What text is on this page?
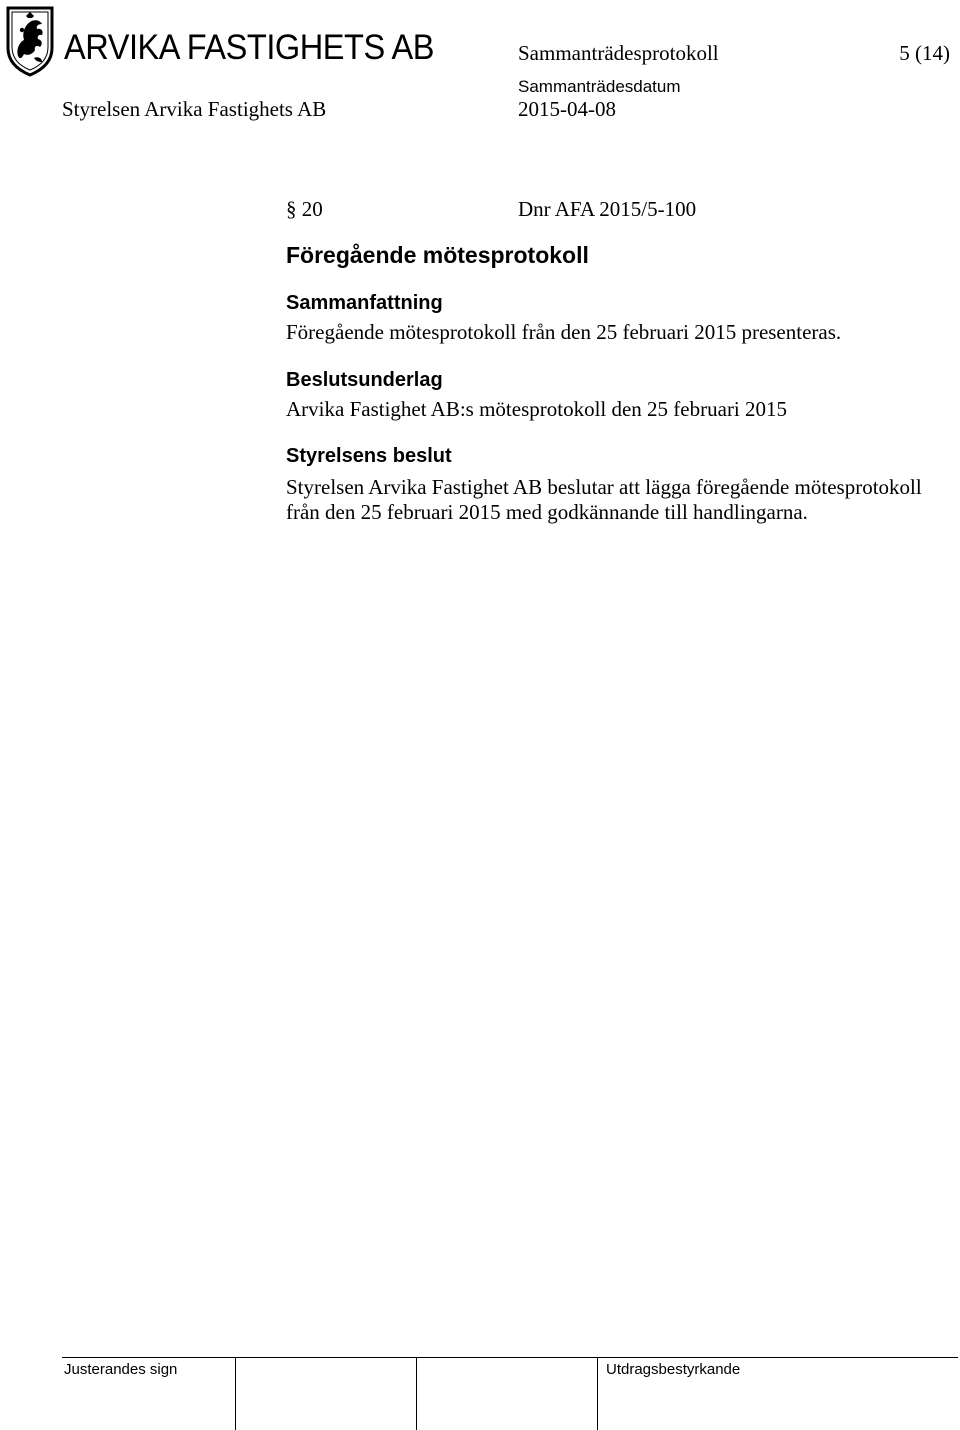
ARVIKA FASTIGHETS AB	Sammanträdesprotokoll	5 (14)
Sammanträdesdatum
Styrelsen Arvika Fastighets AB	2015-04-08
§ 20	Dnr AFA 2015/5-100
Föregående mötesprotokoll
Sammanfattning
Föregående mötesprotokoll från den 25 februari 2015 presenteras.
Beslutsunderlag
Arvika Fastighet AB:s mötesprotokoll den 25 februari 2015
Styrelsens beslut
Styrelsen Arvika Fastighet AB beslutar att lägga föregående mötesprotokoll
från den 25 februari 2015 med godkännande till handlingarna.
Justerandes sign	Utdragsbestyrkande
